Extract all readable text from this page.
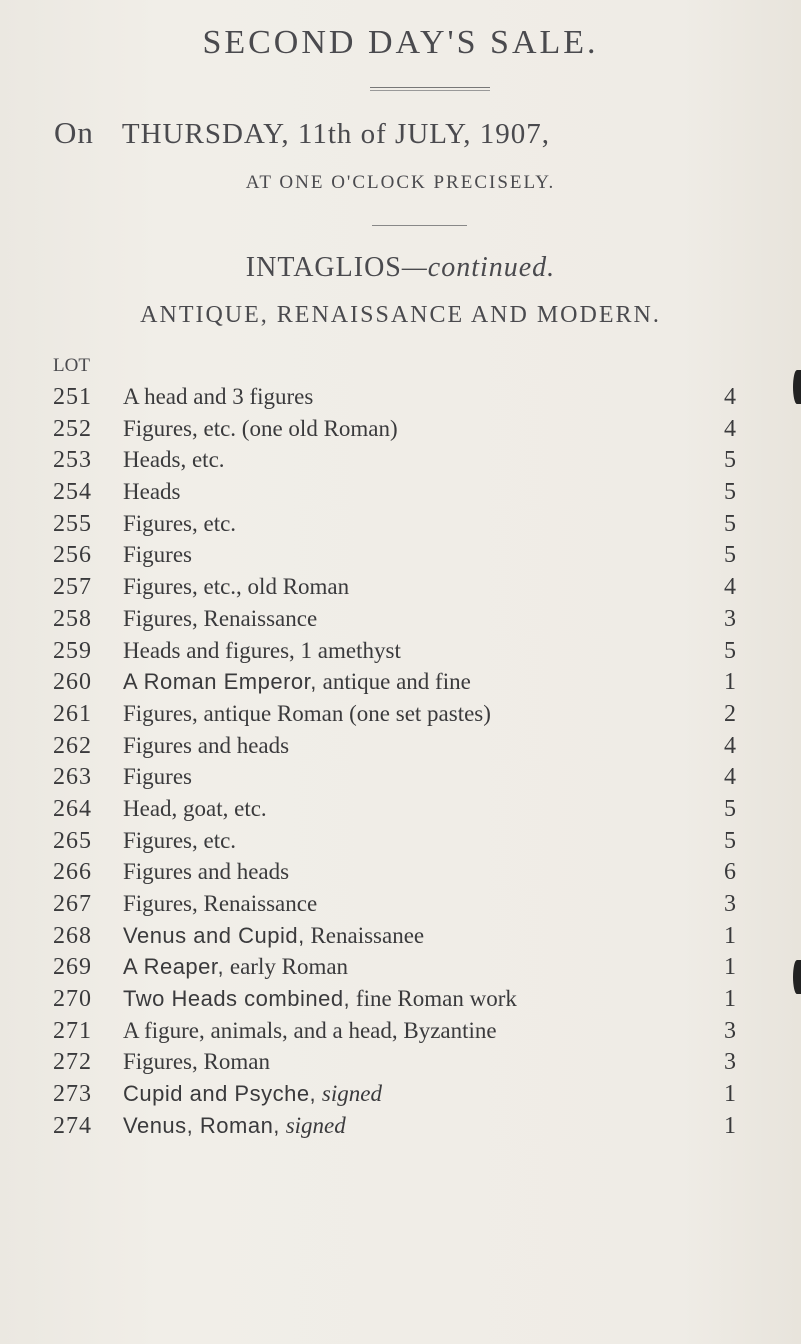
SECOND DAY'S SALE.
On THURSDAY, 11th of JULY, 1907,
AT ONE O'CLOCK PRECISELY.
INTAGLIOS—continued.
ANTIQUE, RENAISSANCE AND MODERN.
LOT
251	A head and 3 figures	4
252	Figures, etc. (one old Roman)	4
253	Heads, etc.	5
254	Heads	5
255	Figures, etc.	5
256	Figures	5
257	Figures, etc., old Roman	4
258	Figures, Renaissance	3
259	Heads and figures, 1 amethyst	5
260	A Roman Emperor, antique and fine	1
261	Figures, antique Roman (one set pastes)	2
262	Figures and heads	4
263	Figures	4
264	Head, goat, etc.	5
265	Figures, etc.	5
266	Figures and heads	6
267	Figures, Renaissance	3
268	Venus and Cupid, Renaissanee	1
269	A Reaper, early Roman	1
270	Two Heads combined, fine Roman work	1
271	A figure, animals, and a head, Byzantine	3
272	Figures, Roman	3
273	Cupid and Psyche, signed	1
274	Venus, Roman, signed	1
